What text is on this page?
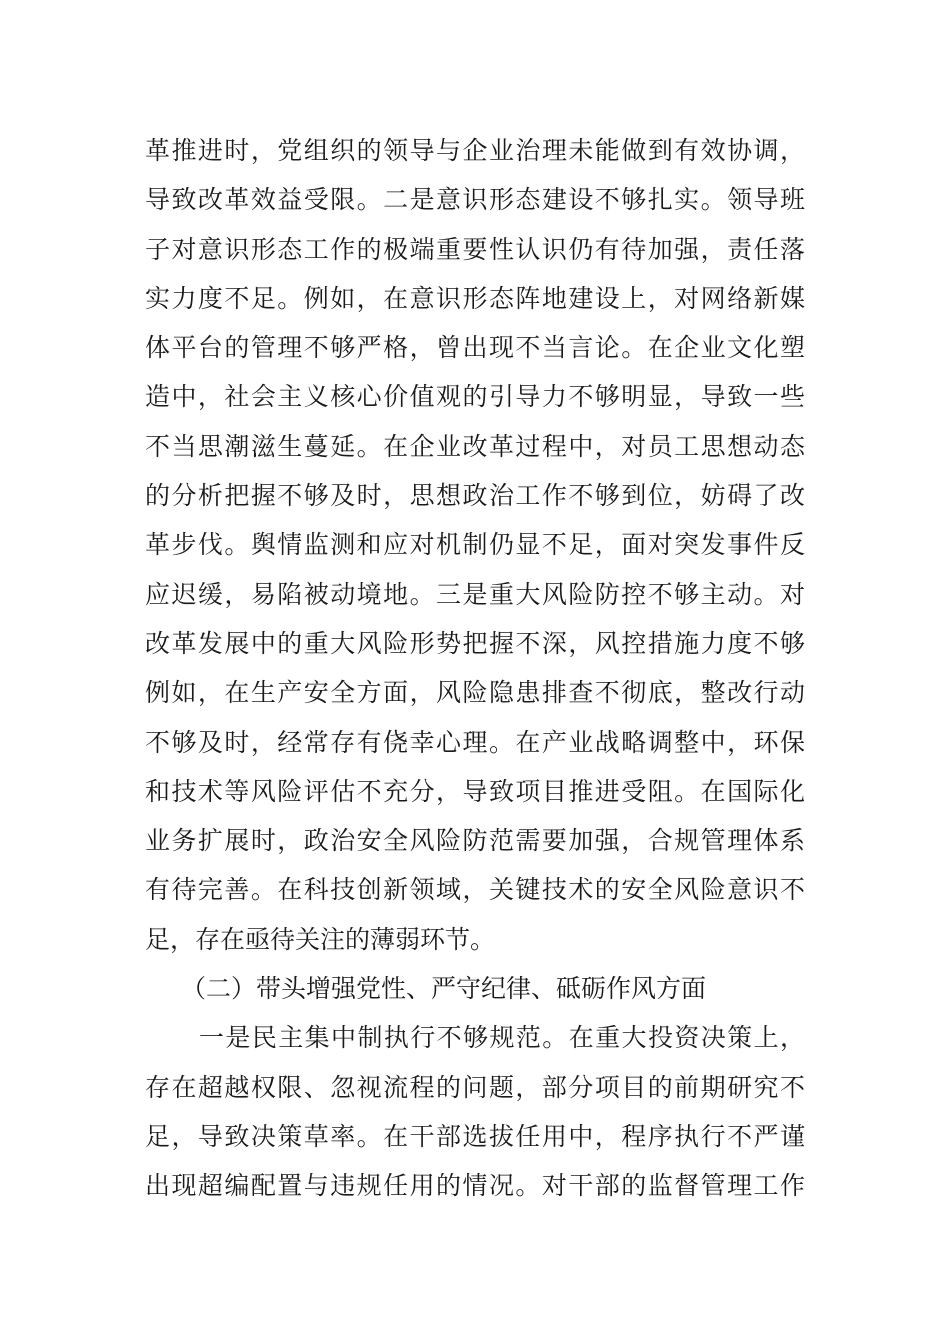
革推进时，党组织的领导与企业治理未能做到有效协调，
导致改革效益受限。二是意识形态建设不够扎实。领导班
子对意识形态工作的极端重要性认识仍有待加强，责任落
实力度不足。例如，在意识形态阵地建设上，对网络新媒
体平台的管理不够严格，曾出现不当言论。在企业文化塑
造中，社会主义核心价值观的引导力不够明显，导致一些
不当思潮滋生蔓延。在企业改革过程中，对员工思想动态
的分析把握不够及时，思想政治工作不够到位，妨碍了改
革步伐。舆情监测和应对机制仍显不足，面对突发事件反
应迟缓，易陷被动境地。三是重大风险防控不够主动。对
改革发展中的重大风险形势把握不深，风控措施力度不够
例如，在生产安全方面，风险隐患排查不彻底，整改行动
不够及时，经常存有侥幸心理。在产业战略调整中，环保
和技术等风险评估不充分，导致项目推进受阻。在国际化
业务扩展时，政治安全风险防范需要加强，合规管理体系
有待完善。在科技创新领域，关键技术的安全风险意识不
足，存在亟待关注的薄弱环节。
（二）带头增强党性、严守纪律、砥砺作风方面
一是民主集中制执行不够规范。在重大投资决策上，
存在超越权限、忽视流程的问题，部分项目的前期研究不
足，导致决策草率。在干部选拔任用中，程序执行不严谨
出现超编配置与违规任用的情况。对干部的监督管理工作
